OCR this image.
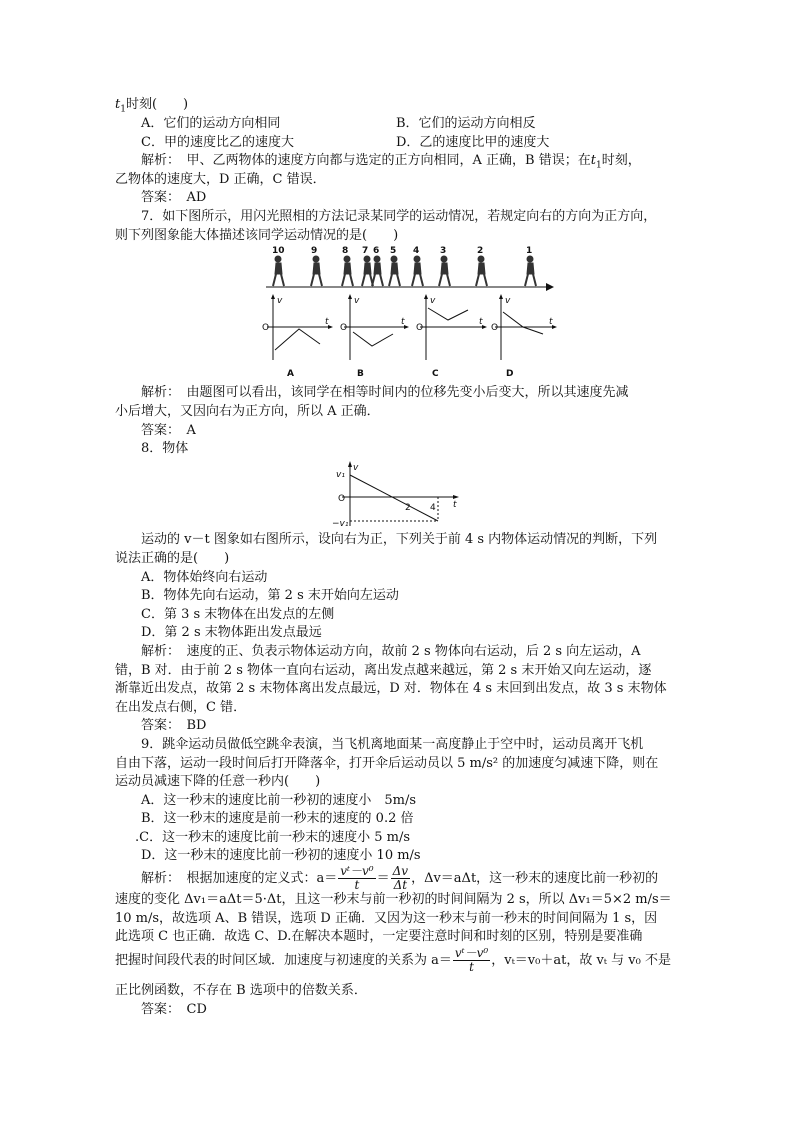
$t_1$时刻(　　)
A．它们的运动方向相同	B．它们的运动方向相反
C．甲的速度比乙的速度大	D．乙的速度比甲的速度大
解析：　甲、乙两物体的速度方向都与选定的正方向相同，A 正确，B 错误；在$t_1$时刻，
乙物体的速度大，D 正确，C 错误．
答案：　AD
7．如下图所示，用闪光照相的方法记录某同学的运动情况，若规定向右的方向为正方向，
则下列图象能大体描述该同学运动情况的是(　　)
10	9	8 7 6 5 4 3	2	1
v
O
t
A
v
O
t
B
v
O
t
C
v
O
t
D
解析：　由题图可以看出，该同学在相等时间内的位移先变小后变大，所以其速度先减
小后增大，又因向右为正方向，所以 A 正确．
答案：　A
8．物体
v
v₁
O
t
2 4
−v₁
运动的 v－t 图象如右图所示，设向右为正，下列关于前 4 s 内物体运动情况的判断，下列
说法正确的是(　　)
A．物体始终向右运动
B．物体先向右运动，第 2 s 末开始向左运动
C．第 3 s 末物体在出发点的左侧
D．第 2 s 末物体距出发点最远
解析：　速度的正、负表示物体运动方向，故前 2 s 物体向右运动，后 2 s 向左运动，A
错，B 对．由于前 2 s 物体一直向右运动，离出发点越来越远，第 2 s 末开始又向左运动，逐
渐靠近出发点，故第 2 s 末物体离出发点最远，D 对．物体在 4 s 末回到出发点，故 3 s 末物体
在出发点右侧，C 错．
答案：　BD
9．跳伞运动员做低空跳伞表演，当飞机离地面某一高度静止于空中时，运动员离开飞机
自由下落，运动一段时间后打开降落伞，打开伞后运动员以 5 m/s² 的加速度匀减速下降，则在
运动员减速下降的任意一秒内(　　)
A．这一秒末的速度比前一秒初的速度小　5m/s
B．这一秒末的速度是前一秒末的速度的 0.2 倍
.C．这一秒末的速度比前一秒末的速度小 5 m/s
D．这一秒末的速度比前一秒初的速度小 10 m/s
解析：　根据加速度的定义式：$a= \frac{\text{vᵗ－v⁰}}{t} = \frac{\Delta v}{\Delta t}$ ，Δv＝aΔt，这一秒末的速度比前一秒初的
速度的变化 Δv₁＝aΔt＝5·Δt，且这一秒末与前一秒初的时间间隔为 2 s，所以 Δv₁＝5×2 m/s＝
10 m/s，故选项 A、B 错误，选项 D 正确．又因为这一秒末与前一秒末的时间间隔为 1 s，因
此选项 C 也正确．故选 C、D.在解决本题时，一定要注意时间和时刻的区别，特别是要准确
把握时间段代表的时间区域．加速度与初速度的关系为 $a= \frac{\text{vᵗ－v⁰}}{t}$ ，vₜ＝v₀＋at，故 vₜ 与 v₀ 不是
正比例函数，不存在 B 选项中的倍数关系．
答案：　CD
